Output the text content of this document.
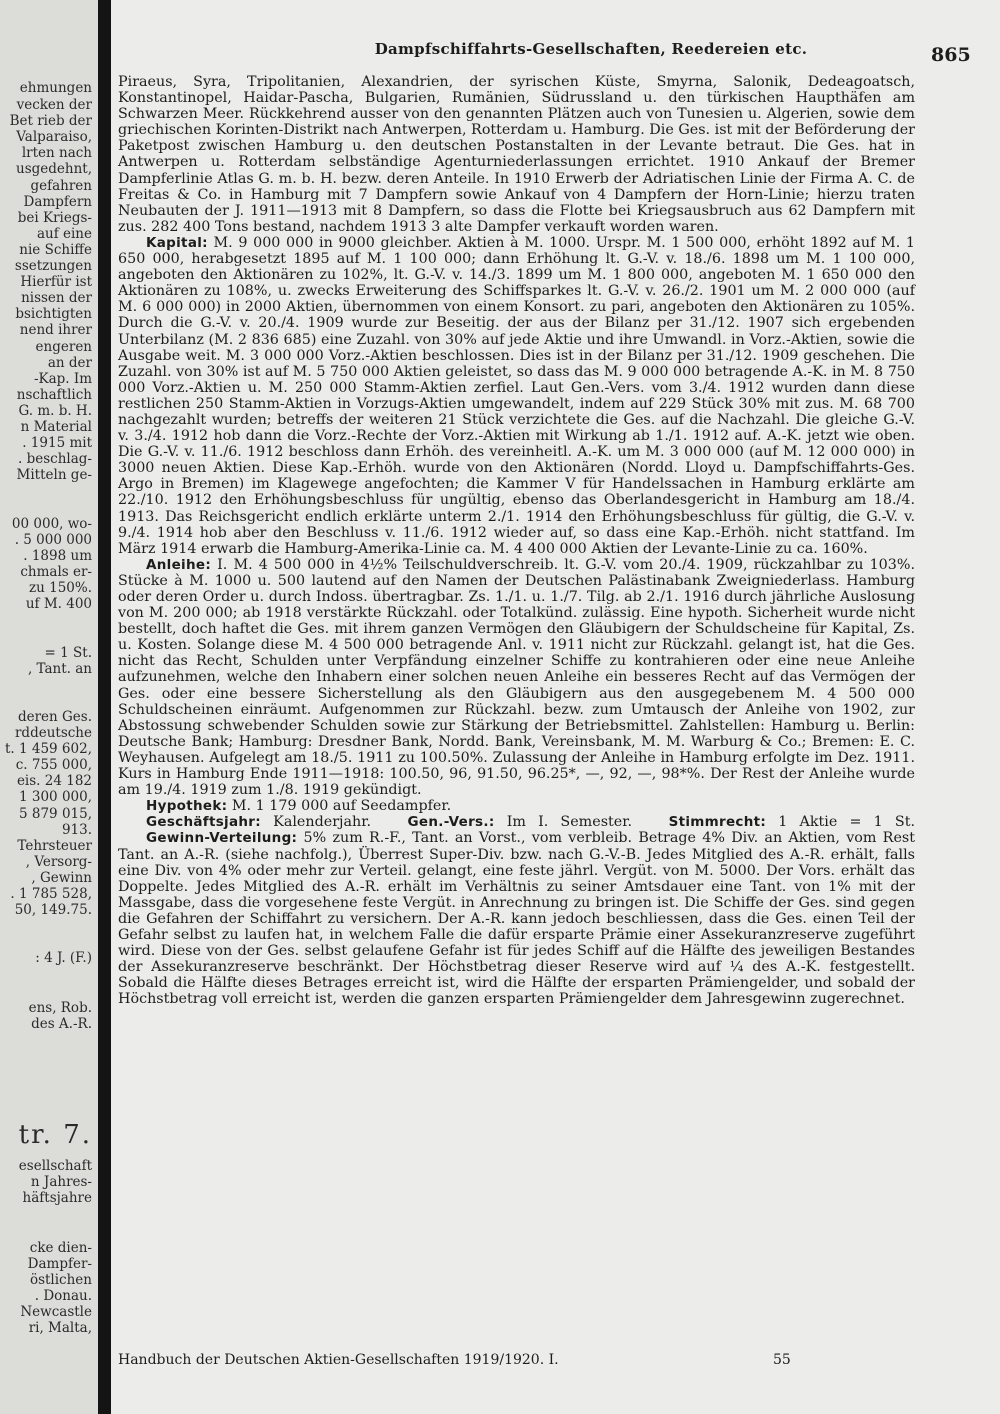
ehmungen
vecken der
Bet rieb der
Valparaiso,
lrten nach
usgedehnt,
gefahren
Dampfern
bei Kriegs-
auf eine
nie Schiffe
ssetzungen
Hierfür ist
nissen der
bsichtigten
nend ihrer
engeren
an der
-Kap. Im
nschaftlich
G. m. b. H.
n Material
. 1915 mit
. beschlag-
Mitteln ge-
00 000, wo-
. 5 000 000
. 1898 um
chmals er-
zu 150%.
uf M. 400
= 1 St.
, Tant. an
deren Ges.
rddeutsche
t. 1 459 602,
c. 755 000,
eis. 24 182
1 300 000,
5 879 015,
913.
Tehrsteuer
, Versorg-
, Gewinn
. 1 785 528,
50, 149.75.
: 4 J. (F.)
ens, Rob.
des A.-R.
tr. 7.
esellschaft
n Jahres-
häftsjahre
cke dien-
Dampfer-
östlichen
. Donau.
Newcastle
ri, Malta,
Dampfschiffahrts-Gesellschaften, Reedereien etc.	865

Piraeus, Syra, Tripolitanien, Alexandrien, der syrischen Küste, Smyrna, Salonik, Dedeagoatsch, Konstantinopel, Haidar-Pascha, Bulgarien, Rumänien, Südrussland u. den türkischen Haupthäfen am Schwarzen Meer. Rückkehrend ausser von den genannten Plätzen auch von Tunesien u. Algerien, sowie dem griechischen Korinten-Distrikt nach Antwerpen, Rotterdam u. Hamburg. Die Ges. ist mit der Beförderung der Paketpost zwischen Hamburg u. den deutschen Postanstalten in der Levante betraut. Die Ges. hat in Antwerpen u. Rotterdam selbständige Agenturniederlassungen errichtet. 1910 Ankauf der Bremer Dampferlinie Atlas G. m. b. H. bezw. deren Anteile. In 1910 Erwerb der Adriatischen Linie der Firma A. C. de Freitas & Co. in Hamburg mit 7 Dampfern sowie Ankauf von 4 Dampfern der Horn-Linie; hierzu traten Neubauten der J. 1911—1913 mit 8 Dampfern, so dass die Flotte bei Kriegsausbruch aus 62 Dampfern mit zus. 282 400 Tons bestand, nachdem 1913 3 alte Dampfer verkauft worden waren.

Kapital: M. 9 000 000 in 9000 gleichber. Aktien à M. 1000. Urspr. M. 1 500 000, erhöht 1892 auf M. 1 650 000, herabgesetzt 1895 auf M. 1 100 000; dann Erhöhung lt. G.-V. v. 18./6. 1898 um M. 1 100 000, angeboten den Aktionären zu 102%, lt. G.-V. v. 14./3. 1899 um M. 1 800 000, angeboten M. 1 650 000 den Aktionären zu 108%, u. zwecks Erweiterung des Schiffsparkes lt. G.-V. v. 26./2. 1901 um M. 2 000 000 (auf M. 6 000 000) in 2000 Aktien, übernommen von einem Konsort. zu pari, angeboten den Aktionären zu 105%. Durch die G.-V. v. 20./4. 1909 wurde zur Beseitig. der aus der Bilanz per 31./12. 1907 sich ergebenden Unterbilanz (M. 2 836 685) eine Zuzahl. von 30% auf jede Aktie und ihre Umwandl. in Vorz.-Aktien, sowie die Ausgabe weit. M. 3 000 000 Vorz.-Aktien beschlossen. Dies ist in der Bilanz per 31./12. 1909 geschehen. Die Zuzahl. von 30% ist auf M. 5 750 000 Aktien geleistet, so dass das M. 9 000 000 betragende A.-K. in M. 8 750 000 Vorz.-Aktien u. M. 250 000 Stamm-Aktien zerfiel. Laut Gen.-Vers. vom 3./4. 1912 wurden dann diese restlichen 250 Stamm-Aktien in Vorzugs-Aktien umgewandelt, indem auf 229 Stück 30% mit zus. M. 68 700 nachgezahlt wurden; betreffs der weiteren 21 Stück verzichtete die Ges. auf die Nachzahl. Die gleiche G.-V. v. 3./4. 1912 hob dann die Vorz.-Rechte der Vorz.-Aktien mit Wirkung ab 1./1. 1912 auf. A.-K. jetzt wie oben. Die G.-V. v. 11./6. 1912 beschloss dann Erhöh. des vereinheitl. A.-K. um M. 3 000 000 (auf M. 12 000 000) in 3000 neuen Aktien. Diese Kap.-Erhöh. wurde von den Aktionären (Nordd. Lloyd u. Dampfschiffahrts-Ges. Argo in Bremen) im Klagewege angefochten; die Kammer V für Handelssachen in Hamburg erklärte am 22./10. 1912 den Erhöhungsbeschluss für ungültig, ebenso das Oberlandesgericht in Hamburg am 18./4. 1913. Das Reichsgericht endlich erklärte unterm 2./1. 1914 den Erhöhungsbeschluss für gültig, die G.-V. v. 9./4. 1914 hob aber den Beschluss v. 11./6. 1912 wieder auf, so dass eine Kap.-Erhöh. nicht stattfand. Im März 1914 erwarb die Hamburg-Amerika-Linie ca. M. 4 400 000 Aktien der Levante-Linie zu ca. 160%.

Anleihe: I. M. 4 500 000 in 4½% Teilschuldverschreib. lt. G.-V. vom 20./4. 1909, rückzahlbar zu 103%. Stücke à M. 1000 u. 500 lautend auf den Namen der Deutschen Palästinabank Zweigniederlass. Hamburg oder deren Order u. durch Indoss. übertragbar. Zs. 1./1. u. 1./7. Tilg. ab 2./1. 1916 durch jährliche Auslosung von M. 200 000; ab 1918 verstärkte Rückzahl. oder Totalkünd. zulässig. Eine hypoth. Sicherheit wurde nicht bestellt, doch haftet die Ges. mit ihrem ganzen Vermögen den Gläubigern der Schuldscheine für Kapital, Zs. u. Kosten. Solange diese M. 4 500 000 betragende Anl. v. 1911 nicht zur Rückzahl. gelangt ist, hat die Ges. nicht das Recht, Schulden unter Verpfändung einzelner Schiffe zu kontrahieren oder eine neue Anleihe aufzunehmen, welche den Inhabern einer solchen neuen Anleihe ein besseres Recht auf das Vermögen der Ges. oder eine bessere Sicherstellung als den Gläubigern aus den ausgegebenem M. 4 500 000 Schuldscheinen einräumt. Aufgenommen zur Rückzahl. bezw. zum Umtausch der Anleihe von 1902, zur Abstossung schwebender Schulden sowie zur Stärkung der Betriebsmittel. Zahlstellen: Hamburg u. Berlin: Deutsche Bank; Hamburg: Dresdner Bank, Nordd. Bank, Vereinsbank, M. M. Warburg & Co.; Bremen: E. C. Weyhausen. Aufgelegt am 18./5. 1911 zu 100.50%. Zulassung der Anleihe in Hamburg erfolgte im Dez. 1911. Kurs in Hamburg Ende 1911—1918: 100.50, 96, 91.50, 96.25*, —, 92, —, 98*%. Der Rest der Anleihe wurde am 19./4. 1919 zum 1./8. 1919 gekündigt.

Hypothek: M. 1 179 000 auf Seedampfer.

Geschäftsjahr: Kalenderjahr.	Gen.-Vers.: Im I. Semester.	Stimmrecht: 1 Aktie = 1 St.

Gewinn-Verteilung: 5% zum R.-F., Tant. an Vorst., vom verbleib. Betrage 4% Div. an Aktien, vom Rest Tant. an A.-R. (siehe nachfolg.), Überrest Super-Div. bzw. nach G.-V.-B. Jedes Mitglied des A.-R. erhält, falls eine Div. von 4% oder mehr zur Verteil. gelangt, eine feste jährl. Vergüt. von M. 5000. Der Vors. erhält das Doppelte. Jedes Mitglied des A.-R. erhält im Verhältnis zu seiner Amtsdauer eine Tant. von 1% mit der Massgabe, dass die vorgesehene feste Vergüt. in Anrechnung zu bringen ist. Die Schiffe der Ges. sind gegen die Gefahren der Schiffahrt zu versichern. Der A.-R. kann jedoch beschliessen, dass die Ges. einen Teil der Gefahr selbst zu laufen hat, in welchem Falle die dafür ersparte Prämie einer Assekuranzreserve zugeführt wird. Diese von der Ges. selbst gelaufene Gefahr ist für jedes Schiff auf die Hälfte des jeweiligen Bestandes der Assekuranzreserve beschränkt. Der Höchstbetrag dieser Reserve wird auf ¼ des A.-K. festgestellt. Sobald die Hälfte dieses Betrages erreicht ist, wird die Hälfte der ersparten Prämiengelder, und sobald der Höchstbetrag voll erreicht ist, werden die ganzen ersparten Prämiengelder dem Jahresgewinn zugerechnet.

Handbuch der Deutschen Aktien-Gesellschaften 1919/1920. I.	55
